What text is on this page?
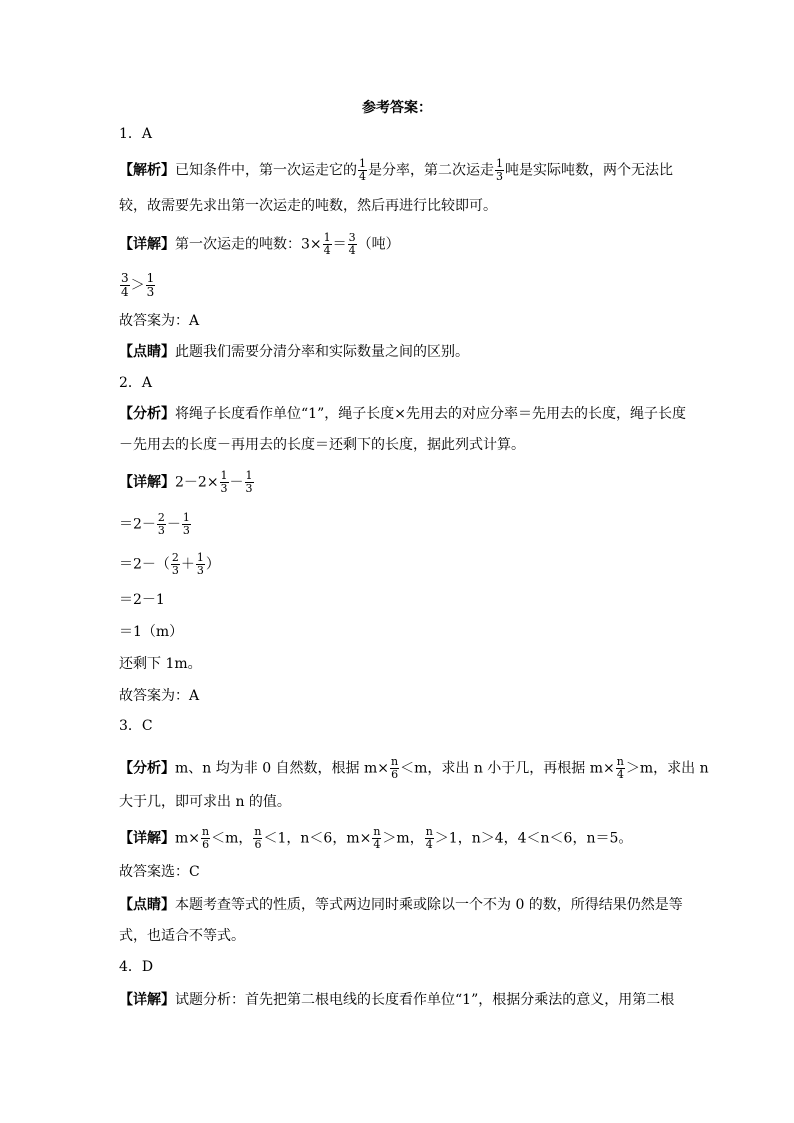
参考答案：
1．A
【解析】已知条件中，第一次运走它的 $\frac{1}{4}$ 是分率，第二次运走 $\frac{1}{3}$ 吨是实际吨数，两个无法比
较，故需要先求出第一次运走的吨数，然后再进行比较即可。
【详解】第一次运走的吨数：$3\times \frac{1}{4} = \frac{3}{4}$ （吨）
$\frac{3}{4} > \frac{1}{3}$
故答案为：A
【点睛】此题我们需要分清分率和实际数量之间的区别。
2．A
【分析】将绳子长度看作单位“1”，绳子长度×先用去的对应分率＝先用去的长度，绳子长度
－先用去的长度－再用去的长度＝还剩下的长度，据此列式计算。
【详解】$2-2\times \frac{1}{3} - \frac{1}{3}$
$=2- \frac{2}{3} - \frac{1}{3}$
$=2-( \frac{2}{3} + \frac{1}{3}$ ）
＝2－1
＝1（m）
还剩下 1m。
故答案为：A
3．C
【分析】m、n 均为非 0 自然数，根据 $m\times \frac{n}{6} <m$，求出 n 小于几，再根据 $m\times \frac{n}{4} >m$，求出 n
大于几，即可求出 n 的值。
【详解】$m\times \frac{n}{6} <m$， $\frac{n}{6} <1$，n＜6，$m\times \frac{n}{4} >m$， $\frac{n}{4} >1$，n＞4，4＜n＜6，n＝5。
故答案选：C
【点睛】本题考查等式的性质，等式两边同时乘或除以一个不为 0 的数，所得结果仍然是等
式，也适合不等式。
4．D
【详解】试题分析：首先把第二根电线的长度看作单位“1”，根据分乘法的意义，用第二根
